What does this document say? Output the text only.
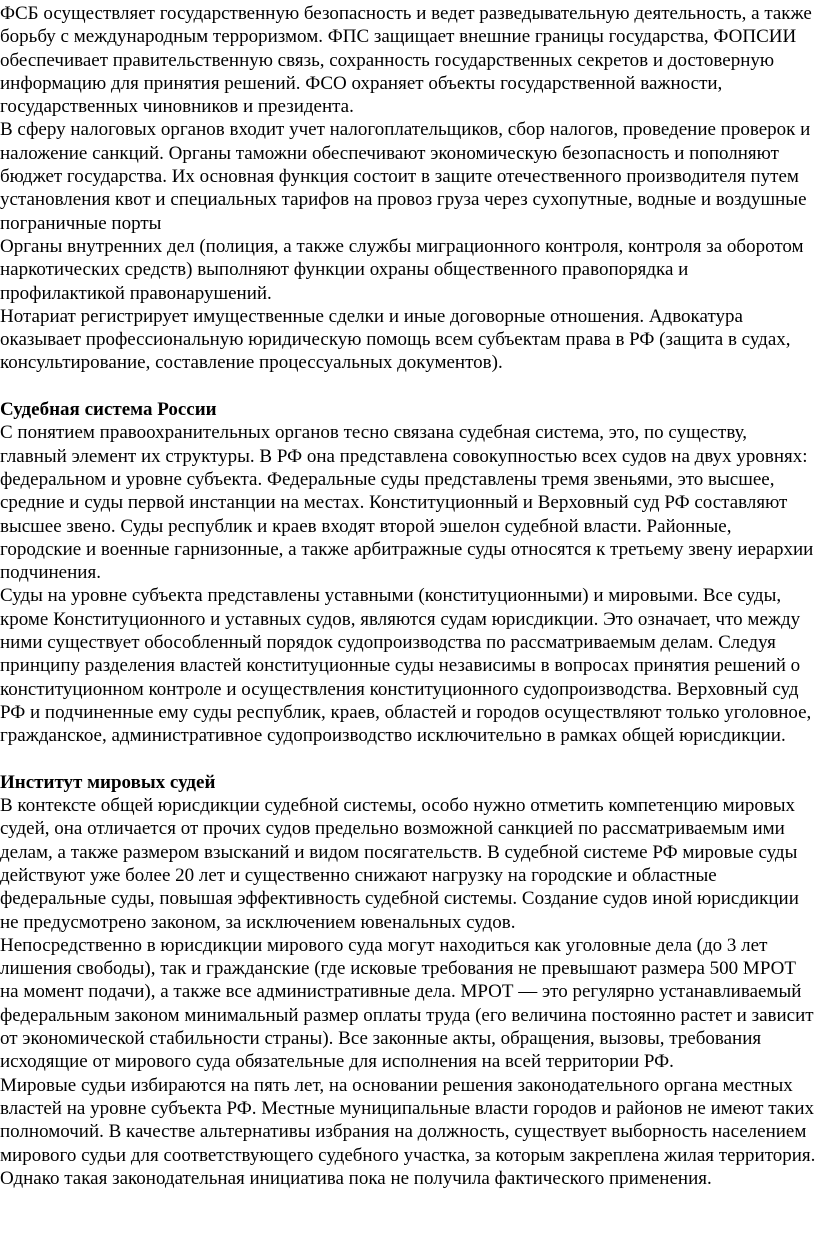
ФСБ осуществляет государственную безопасность и ведет разведывательную деятельность, а также борьбу с международным терроризмом. ФПС защищает внешние границы государства, ФОПСИИ обеспечивает правительственную связь, сохранность государственных секретов и достоверную информацию для принятия решений. ФСО охраняет объекты государственной важности, государственных чиновников и президента.

В сферу налоговых органов входит учет налогоплательщиков, сбор налогов, проведение проверок и наложение санкций. Органы таможни обеспечивают экономическую безопасность и пополняют бюджет государства. Их основная функция состоит в защите отечественного производителя путем установления квот и специальных тарифов на провоз груза через сухопутные, водные и воздушные пограничные порты

Органы внутренних дел (полиция, а также службы миграционного контроля, контроля за оборотом наркотических средств) выполняют функции охраны общественного правопорядка и профилактикой правонарушений.

Нотариат регистрирует имущественные сделки и иные договорные отношения. Адвокатура оказывает профессиональную юридическую помощь всем субъектам права в РФ (защита в судах, консультирование, составление процессуальных документов).

Судебная система России

С понятием правоохранительных органов тесно связана судебная система, это, по существу, главный элемент их структуры. В РФ она представлена совокупностью всех судов на двух уровнях: федеральном и уровне субъекта. Федеральные суды представлены тремя звеньями, это высшее, средние и суды первой инстанции на местах. Конституционный и Верховный суд РФ составляют высшее звено. Суды республик и краев входят второй эшелон судебной власти. Районные, городские и военные гарнизонные, а также арбитражные суды относятся к третьему звену иерархии подчинения.

Суды на уровне субъекта представлены уставными (конституционными) и мировыми. Все суды, кроме Конституционного и уставных судов, являются судам юрисдикции. Это означает, что между ними существует обособленный порядок судопроизводства по рассматриваемым делам. Следуя принципу разделения властей конституционные суды независимы в вопросах принятия решений о конституционном контроле и осуществления конституционного судопроизводства. Верховный суд РФ и подчиненные ему суды республик, краев, областей и городов осуществляют только уголовное, гражданское, административное судопроизводство исключительно в рамках общей юрисдикции.

Институт мировых судей

В контексте общей юрисдикции судебной системы, особо нужно отметить компетенцию мировых судей, она отличается от прочих судов предельно возможной санкцией по рассматриваемым ими делам, а также размером взысканий и видом посягательств. В судебной системе РФ мировые суды действуют уже более 20 лет и существенно снижают нагрузку на городские и областные федеральные суды, повышая эффективность судебной системы. Создание судов иной юрисдикции не предусмотрено законом, за исключением ювенальных судов.

Непосредственно в юрисдикции мирового суда могут находиться как уголовные дела (до 3 лет лишения свободы), так и гражданские (где исковые требования не превышают размера 500 МРОТ на момент подачи), а также все административные дела. МРОТ — это регулярно устанавливаемый федеральным законом минимальный размер оплаты труда (его величина постоянно растет и зависит от экономической стабильности страны). Все законные акты, обращения, вызовы, требования исходящие от мирового суда обязательные для исполнения на всей территории РФ.

Мировые судьи избираются на пять лет, на основании решения законодательного органа местных властей на уровне субъекта РФ. Местные муниципальные власти городов и районов не имеют таких полномочий. В качестве альтернативы избрания на должность, существует выборность населением мирового судьи для соответствующего судебного участка, за которым закреплена жилая территория. Однако такая законодательная инициатива пока не получила фактического применения.
